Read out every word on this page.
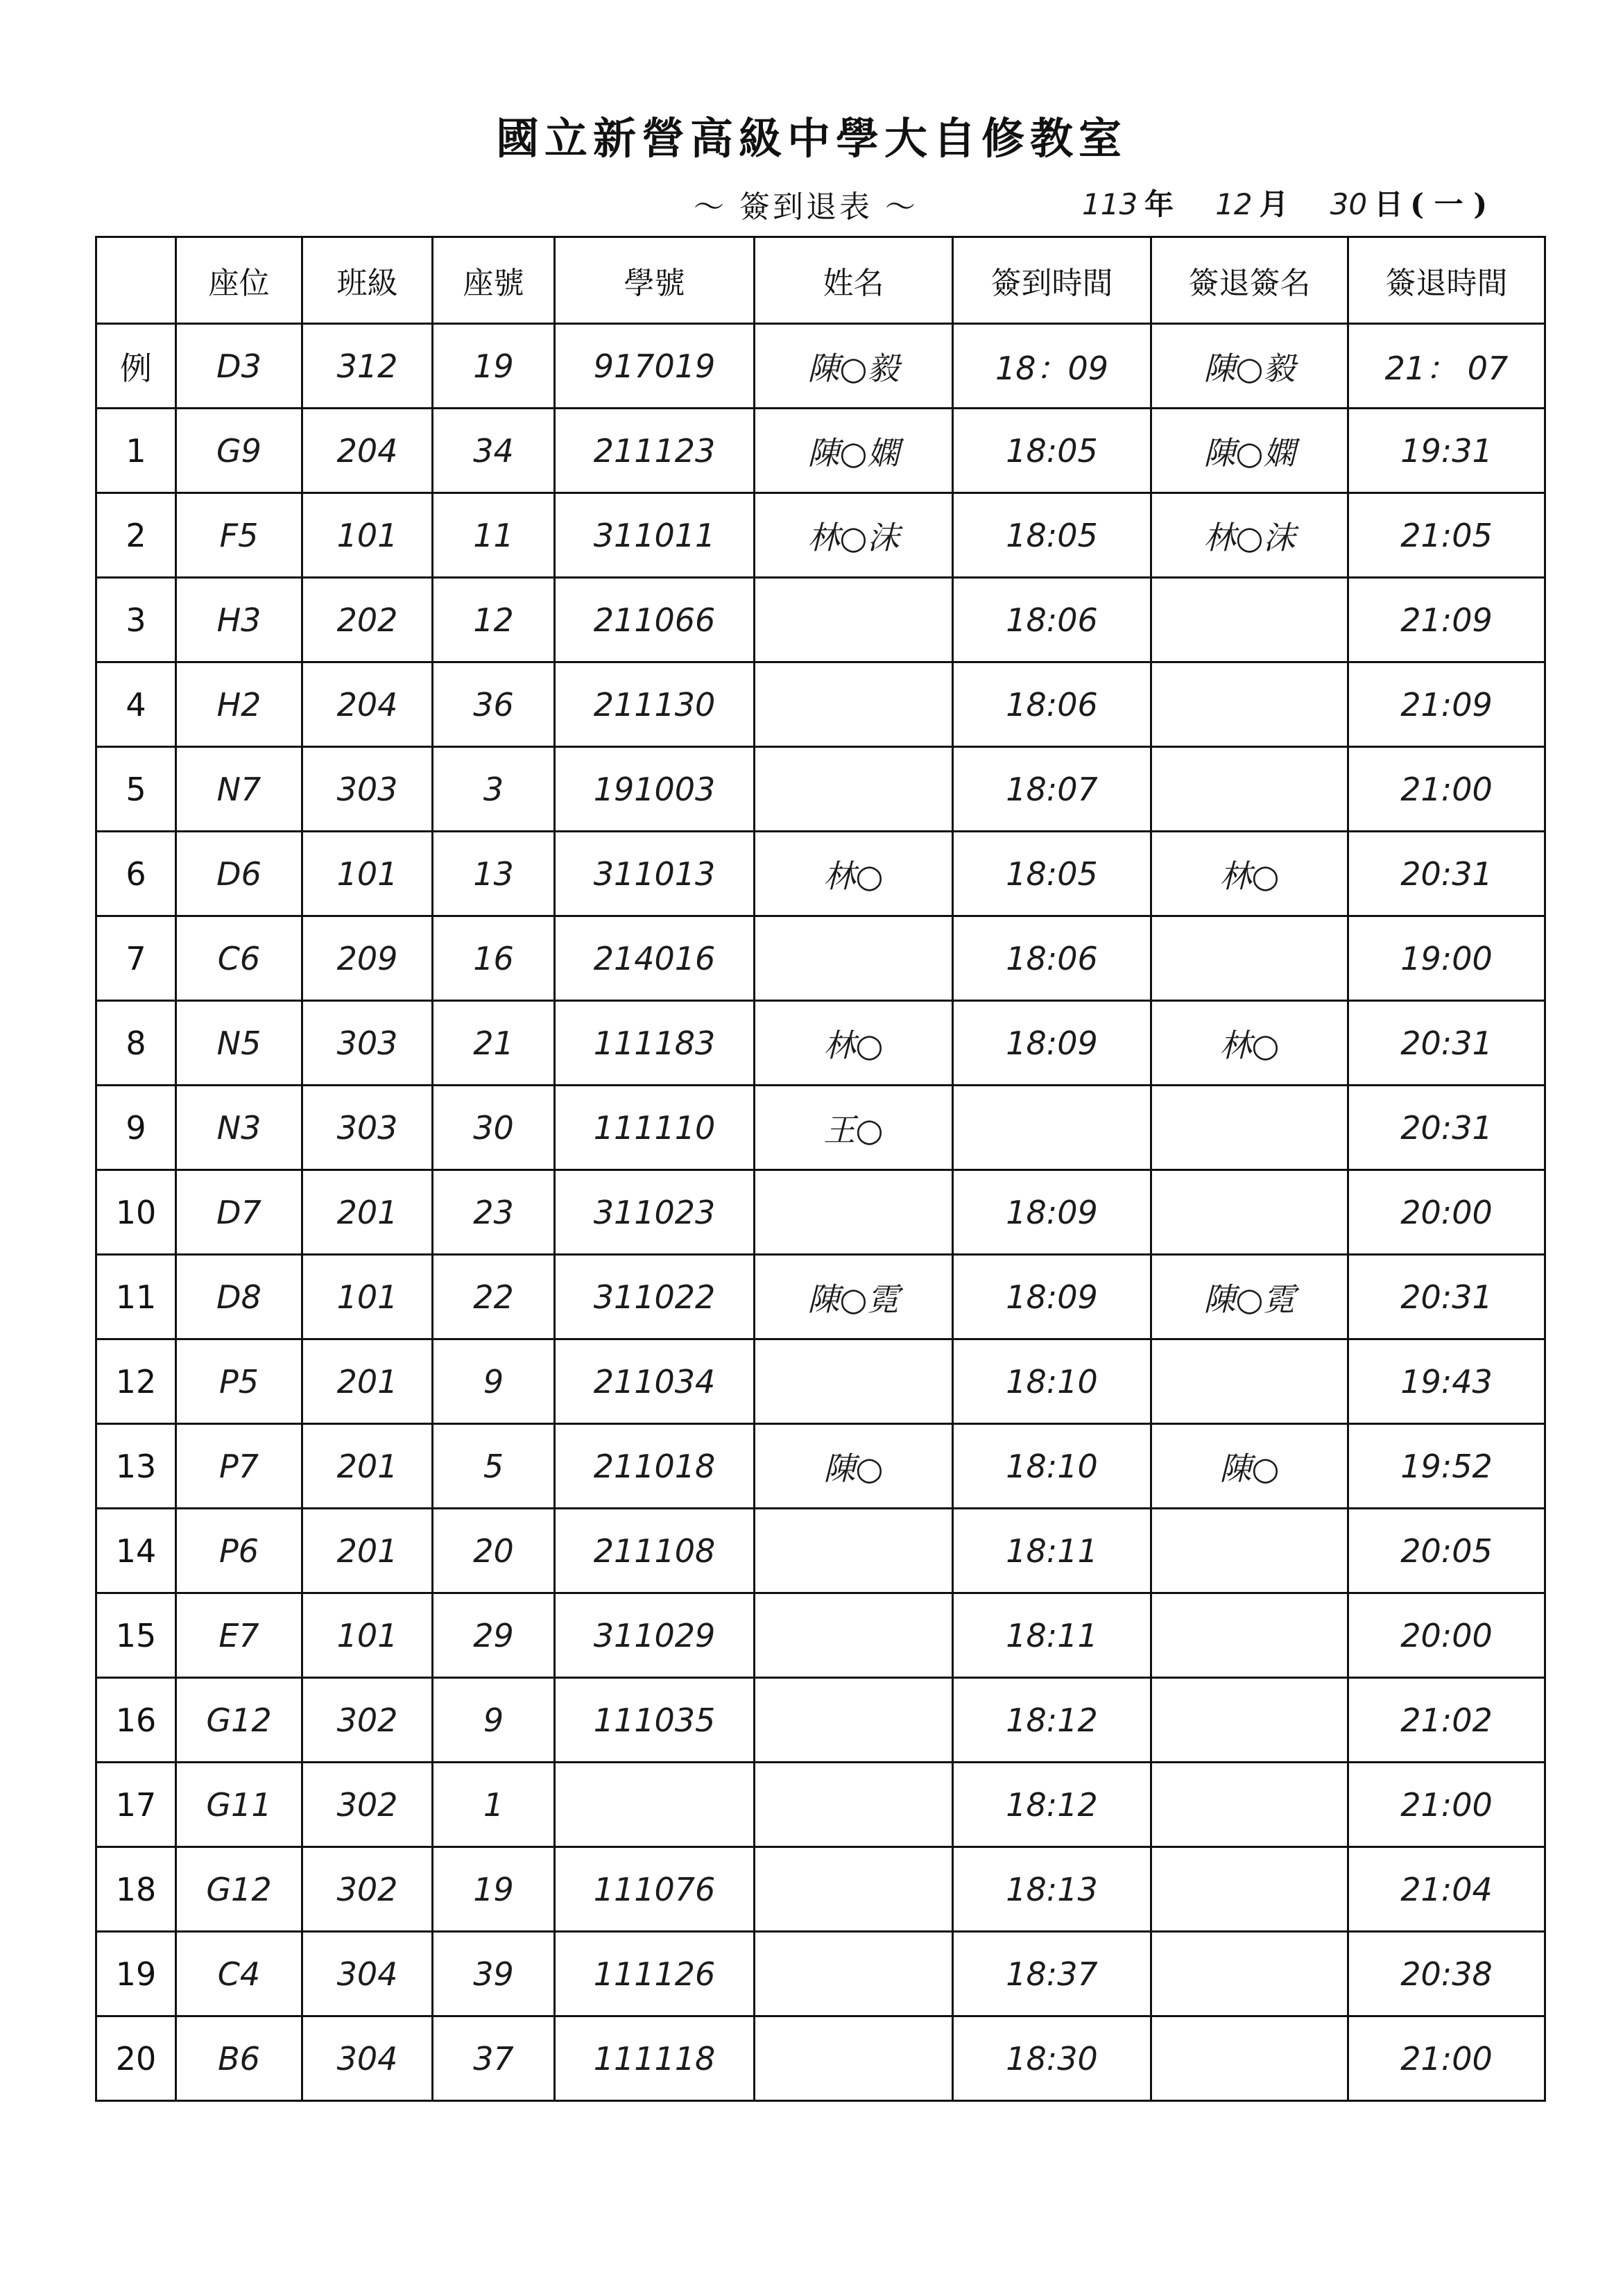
國立新營高級中學大自修教室
～ 簽到退表 ～	113 年 12 月 30 日 ( 一 )
	座位	班級	座號	學號	姓名	簽到時間	簽退簽名	簽退時間
例	D3	312	19	917019	陳○毅	18：09	陳○毅	21： 07
1	G9	204	34	211123	陳○嫻	18:05	陳○嫻	19:31
2	F5	101	11	311011	林○沫	18:05	林○沫	21:05
3	H3	202	12	211066		18:06		21:09
4	H2	204	36	211130		18:06		21:09
5	N7	303	3	191003		18:07		21:00
6	D6	101	13	311013	林○	18:05	林○	20:31
7	C6	209	16	214016		18:06		19:00
8	N5	303	21	111183	林○	18:09	林○	20:31
9	N3	303	30	111110	王○			20:31
10	D7	201	23	311023		18:09		20:00
11	D8	101	22	311022	陳○霓	18:09	陳○霓	20:31
12	P5	201	9	211034		18:10		19:43
13	P7	201	5	211018	陳○	18:10	陳○	19:52
14	P6	201	20	211108		18:11		20:05
15	E7	101	29	311029		18:11		20:00
16	G12	302	9	111035		18:12		21:02
17	G11	302	1			18:12		21:00
18	G12	302	19	111076		18:13		21:04
19	C4	304	39	111126		18:37		20:38
20	B6	304	37	111118		18:30		21:00
